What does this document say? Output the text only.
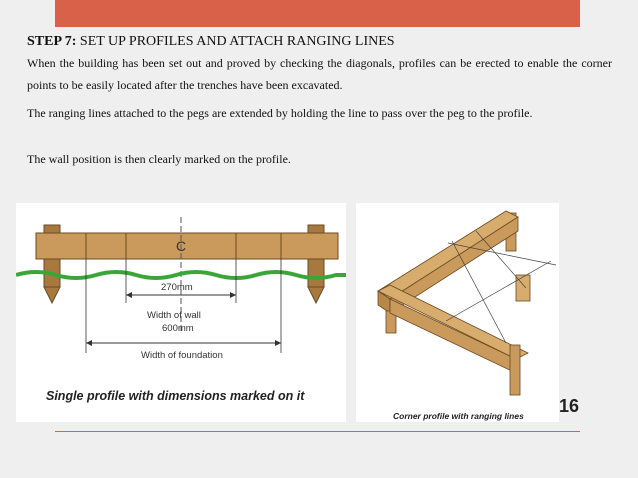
STEP 7: SET UP PROFILES AND ATTACH RANGING LINES
When the building has been set out and proved by checking the diagonals, profiles can be erected to enable the corner points to be easily located after the trenches have been excavated.
The ranging lines attached to the pegs are extended by holding the line to pass over the peg to the profile.
The wall position is then clearly marked on the profile.
C
270mm
Width of wall
600mm
Width of foundation
Single profile with dimensions marked on it
Corner profile with ranging lines 16
